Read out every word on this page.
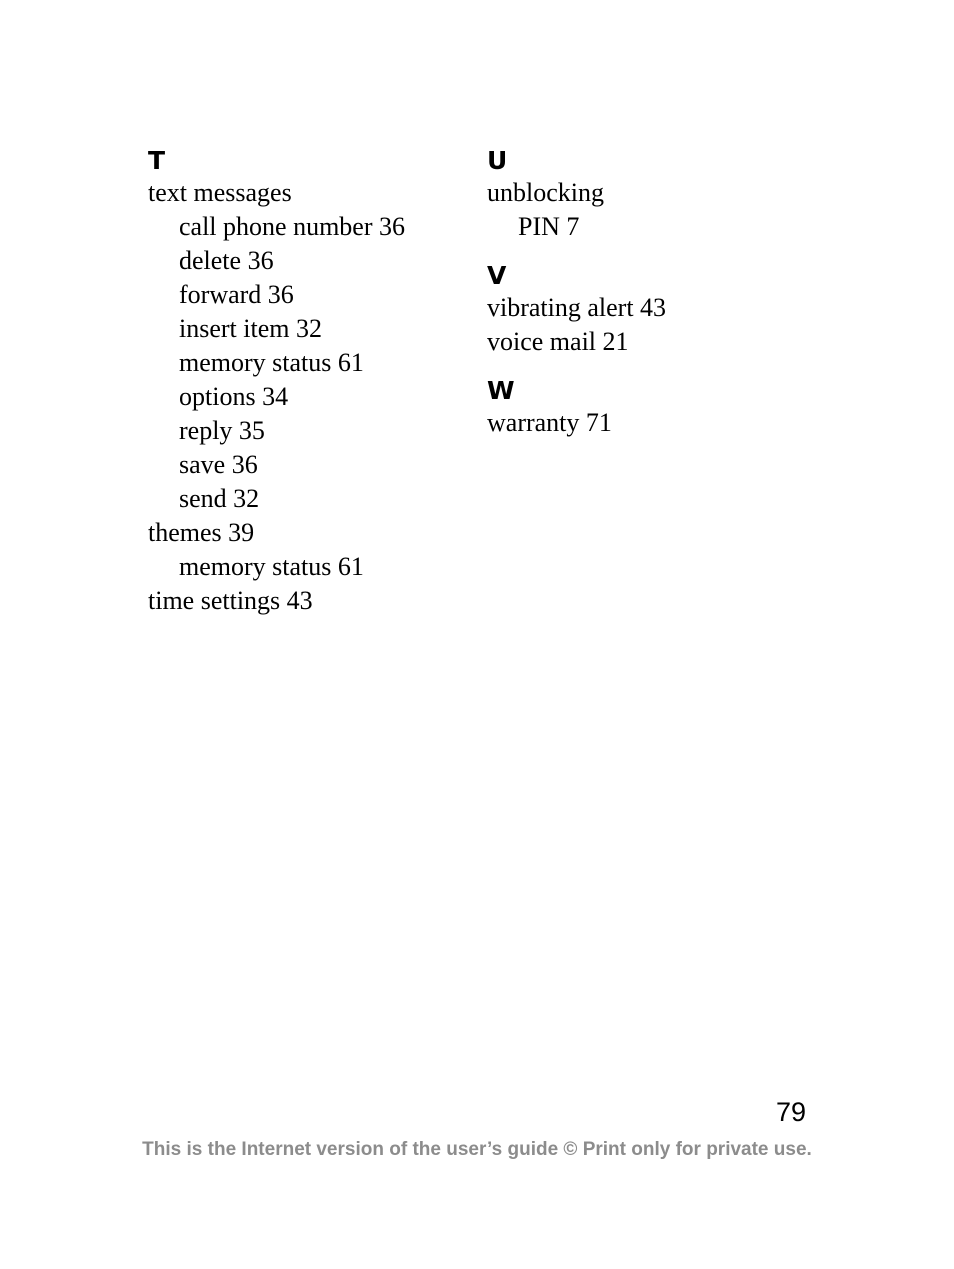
T
text messages
call phone number 36
delete 36
forward 36
insert item 32
memory status 61
options 34
reply 35
save 36
send 32
themes 39
memory status 61
time settings 43
U
unblocking
PIN 7
V
vibrating alert 43
voice mail 21
W
warranty 71
79
This is the Internet version of the user’s guide © Print only for private use.
